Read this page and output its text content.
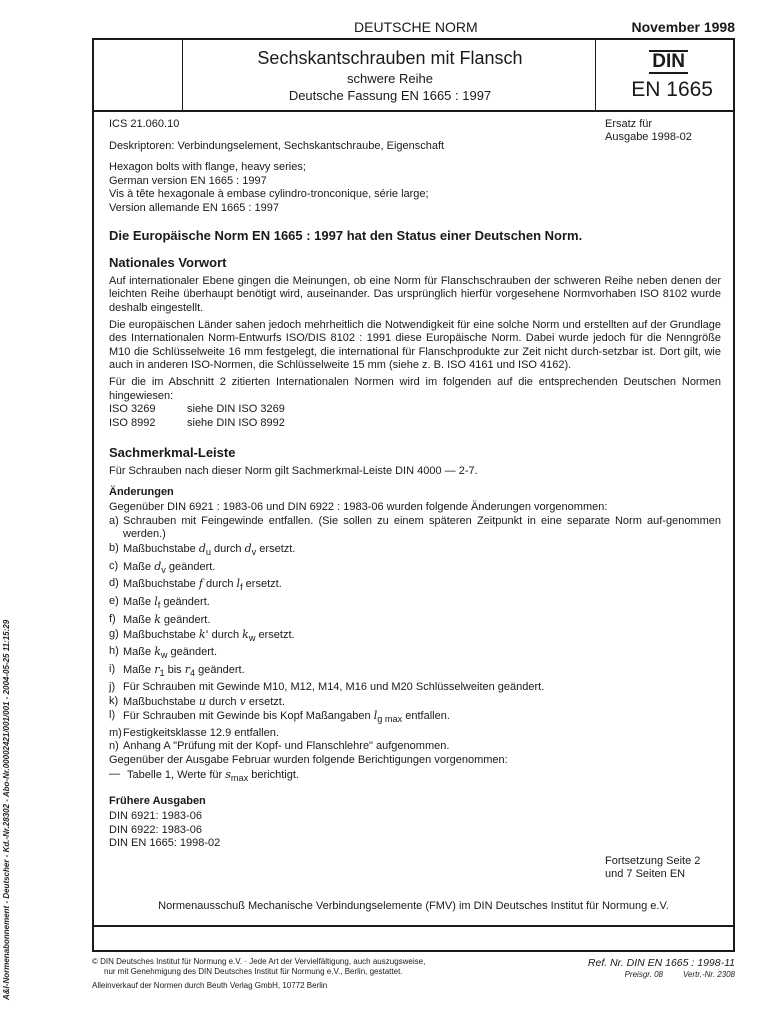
DEUTSCHE NORM	November 1998
Sechskantschrauben mit Flansch
schwere Reihe
Deutsche Fassung EN 1665 : 1997
DIN
EN 1665
Ersatz für
Ausgabe 1998-02
ICS 21.060.10
Deskriptoren: Verbindungselement, Sechskantschraube, Eigenschaft
Hexagon bolts with flange, heavy series;
German version EN 1665 : 1997
Vis à tête hexagonale à embase cylindro-tronconique, série large;
Version allemande EN 1665 : 1997
Die Europäische Norm EN 1665 : 1997 hat den Status einer Deutschen Norm.
Nationales Vorwort

Auf internationaler Ebene gingen die Meinungen, ob eine Norm für Flanschschrauben der schweren Reihe neben denen der leichten Reihe überhaupt benötigt wird, auseinander. Das ursprünglich hierfür vorgesehene Normvorhaben ISO 8102 wurde deshalb eingestellt.

Die europäischen Länder sahen jedoch mehrheitlich die Notwendigkeit für eine solche Norm und erstellten auf der Grundlage des Internationalen Norm-Entwurfs ISO/DIS 8102 : 1991 diese Europäische Norm. Dabei wurde jedoch für die Nenngröße M10 die Schlüsselweite 16 mm festgelegt, die international für Flanschprodukte zur Zeit nicht durch-setzbar ist. Dort gilt, wie auch in anderen ISO-Normen, die Schlüsselweite 15 mm (siehe z. B. ISO 4161 und ISO 4162).

Für die im Abschnitt 2 zitierten Internationalen Normen wird im folgenden auf die entsprechenden Deutschen Normen hingewiesen:

ISO 3269	siehe DIN ISO 3269
ISO 8992	siehe DIN ISO 8992
Sachmerkmal-Leiste

Für Schrauben nach dieser Norm gilt Sachmerkmal-Leiste DIN 4000 — 2-7.

Änderungen
Gegenüber DIN 6921 : 1983-06 und DIN 6922 : 1983-06 wurden folgende Änderungen vorgenommen:
a) Schrauben mit Feingewinde entfallen. (Sie sollen zu einem späteren Zeitpunkt in eine separate Norm auf-genommen werden.)
b) Maßbuchstabe $d_u$ durch $d_v$ ersetzt.
c) Maße $d_v$ geändert.
d) Maßbuchstabe f durch $l_f$ ersetzt.
e) Maße $l_f$ geändert.
f) Maße k geändert.
g) Maßbuchstabe k' durch $k_w$ ersetzt.
h) Maße $k_w$ geändert.
i) Maße $r_1$ bis $r_4$ geändert.
j) Für Schrauben mit Gewinde M10, M12, M14, M16 und M20 Schlüsselweiten geändert.
k) Maßbuchstabe u durch v ersetzt.
l) Für Schrauben mit Gewinde bis Kopf Maßangaben $l_{g max}$ entfallen.
m) Festigkeitsklasse 12.9 entfallen.
n) Anhang A "Prüfung mit der Kopf- und Flanschlehre" aufgenommen.
Gegenüber der Ausgabe Februar wurden folgende Berichtigungen vorgenommen:
— Tabelle 1, Werte für $s_{max}$ berichtigt.
Frühere Ausgaben
DIN 6921: 1983-06
DIN 6922: 1983-06
DIN EN 1665: 1998-02
Fortsetzung Seite 2
und 7 Seiten EN
Normenausschuß Mechanische Verbindungselemente (FMV) im DIN Deutsches Institut für Normung e.V.
A&I-Normenabonnement - Deutscher - Kd.-Nr.28302 - Abo-Nr.00002421/001/001 - 2004-05-25 11:15:29	© DIN Deutsches Institut für Normung e.V. · Jede Art der Vervielfältigung, auch auszugsweise,
nur mit Genehmigung des DIN Deutsches Institut für Normung e.V., Berlin, gestattet.
Alleinverkauf der Normen durch Beuth Verlag GmbH, 10772 Berlin
Ref. Nr. DIN EN 1665 : 1998-11
Preisgr. 08	Vertr.-Nr. 2308
